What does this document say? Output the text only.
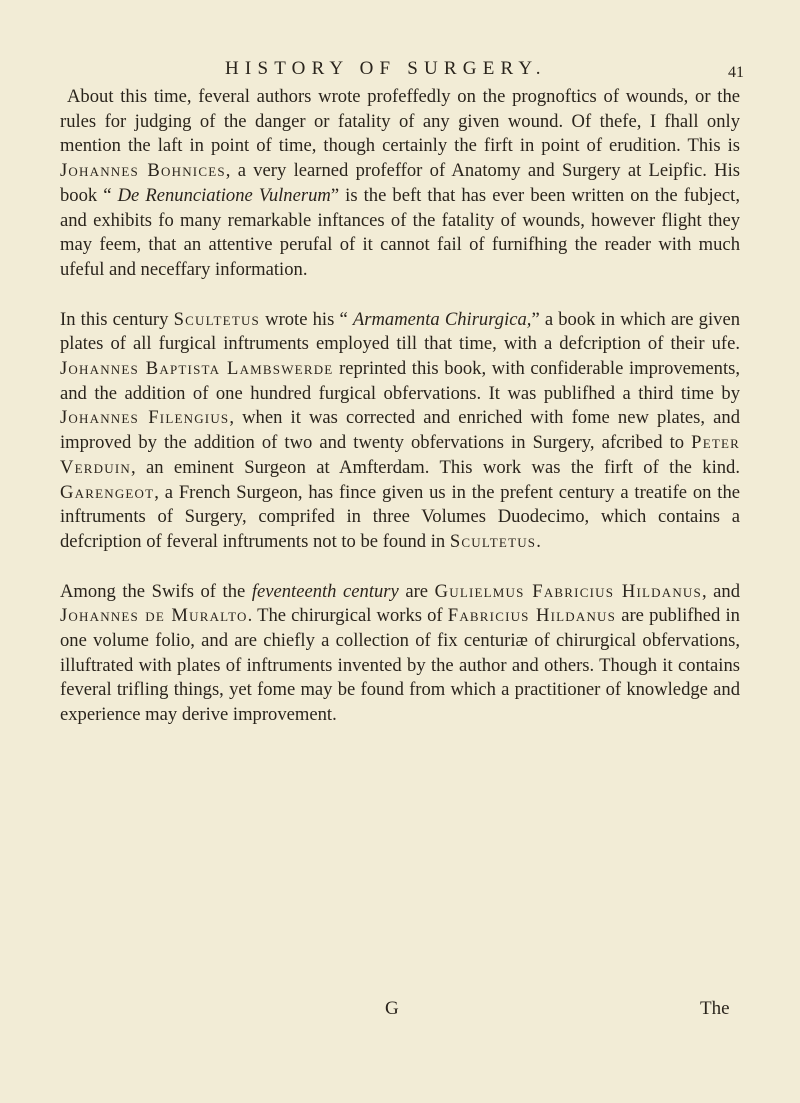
HISTORY OF SURGERY.	41

About this time, feveral authors wrote profeffedly on the prognoftics of wounds, or the rules for judging of the danger or fatality of any given wound. Of thefe, I fhall only mention the laft in point of time, though certainly the firft in point of erudition. This is Johannes Bohnices, a very learned profeffor of Anatomy and Surgery at Leipfic. His book “ De Renunciatione Vulnerum” is the beft that has ever been written on the fubject, and exhibits fo many remarkable inftances of the fatality of wounds, however flight they may feem, that an attentive perufal of it cannot fail of furnifhing the reader with much ufeful and neceffary information.

In this century Scultetus wrote his “ Armamenta Chirurgica,” a book in which are given plates of all furgical inftruments employed till that time, with a defcription of their ufe. Johannes Baptista Lambswerde reprinted this book, with confiderable improvements, and the addition of one hundred furgical obfervations. It was publifhed a third time by Johannes Filengius, when it was corrected and enriched with fome new plates, and improved by the addition of two and twenty obfervations in Surgery, afcribed to Peter Verduin, an eminent Surgeon at Amfterdam. This work was the firft of the kind. Garengeot, a French Surgeon, has fince given us in the prefent century a treatife on the inftruments of Surgery, comprifed in three Volumes Duodecimo, which contains a defcription of feveral inftruments not to be found in Scultetus.

Among the Swifs of the feventeenth century are Gulielmus Fabricius Hildanus, and Johannes de Muralto. The chirurgical works of Fabricius Hildanus are publifhed in one volume folio, and are chiefly a collection of fix centuriæ of chirurgical obfervations, illuftrated with plates of inftruments invented by the author and others. Though it contains feveral trifling things, yet fome may be found from which a practitioner of knowledge and experience may derive improvement.

G	The
